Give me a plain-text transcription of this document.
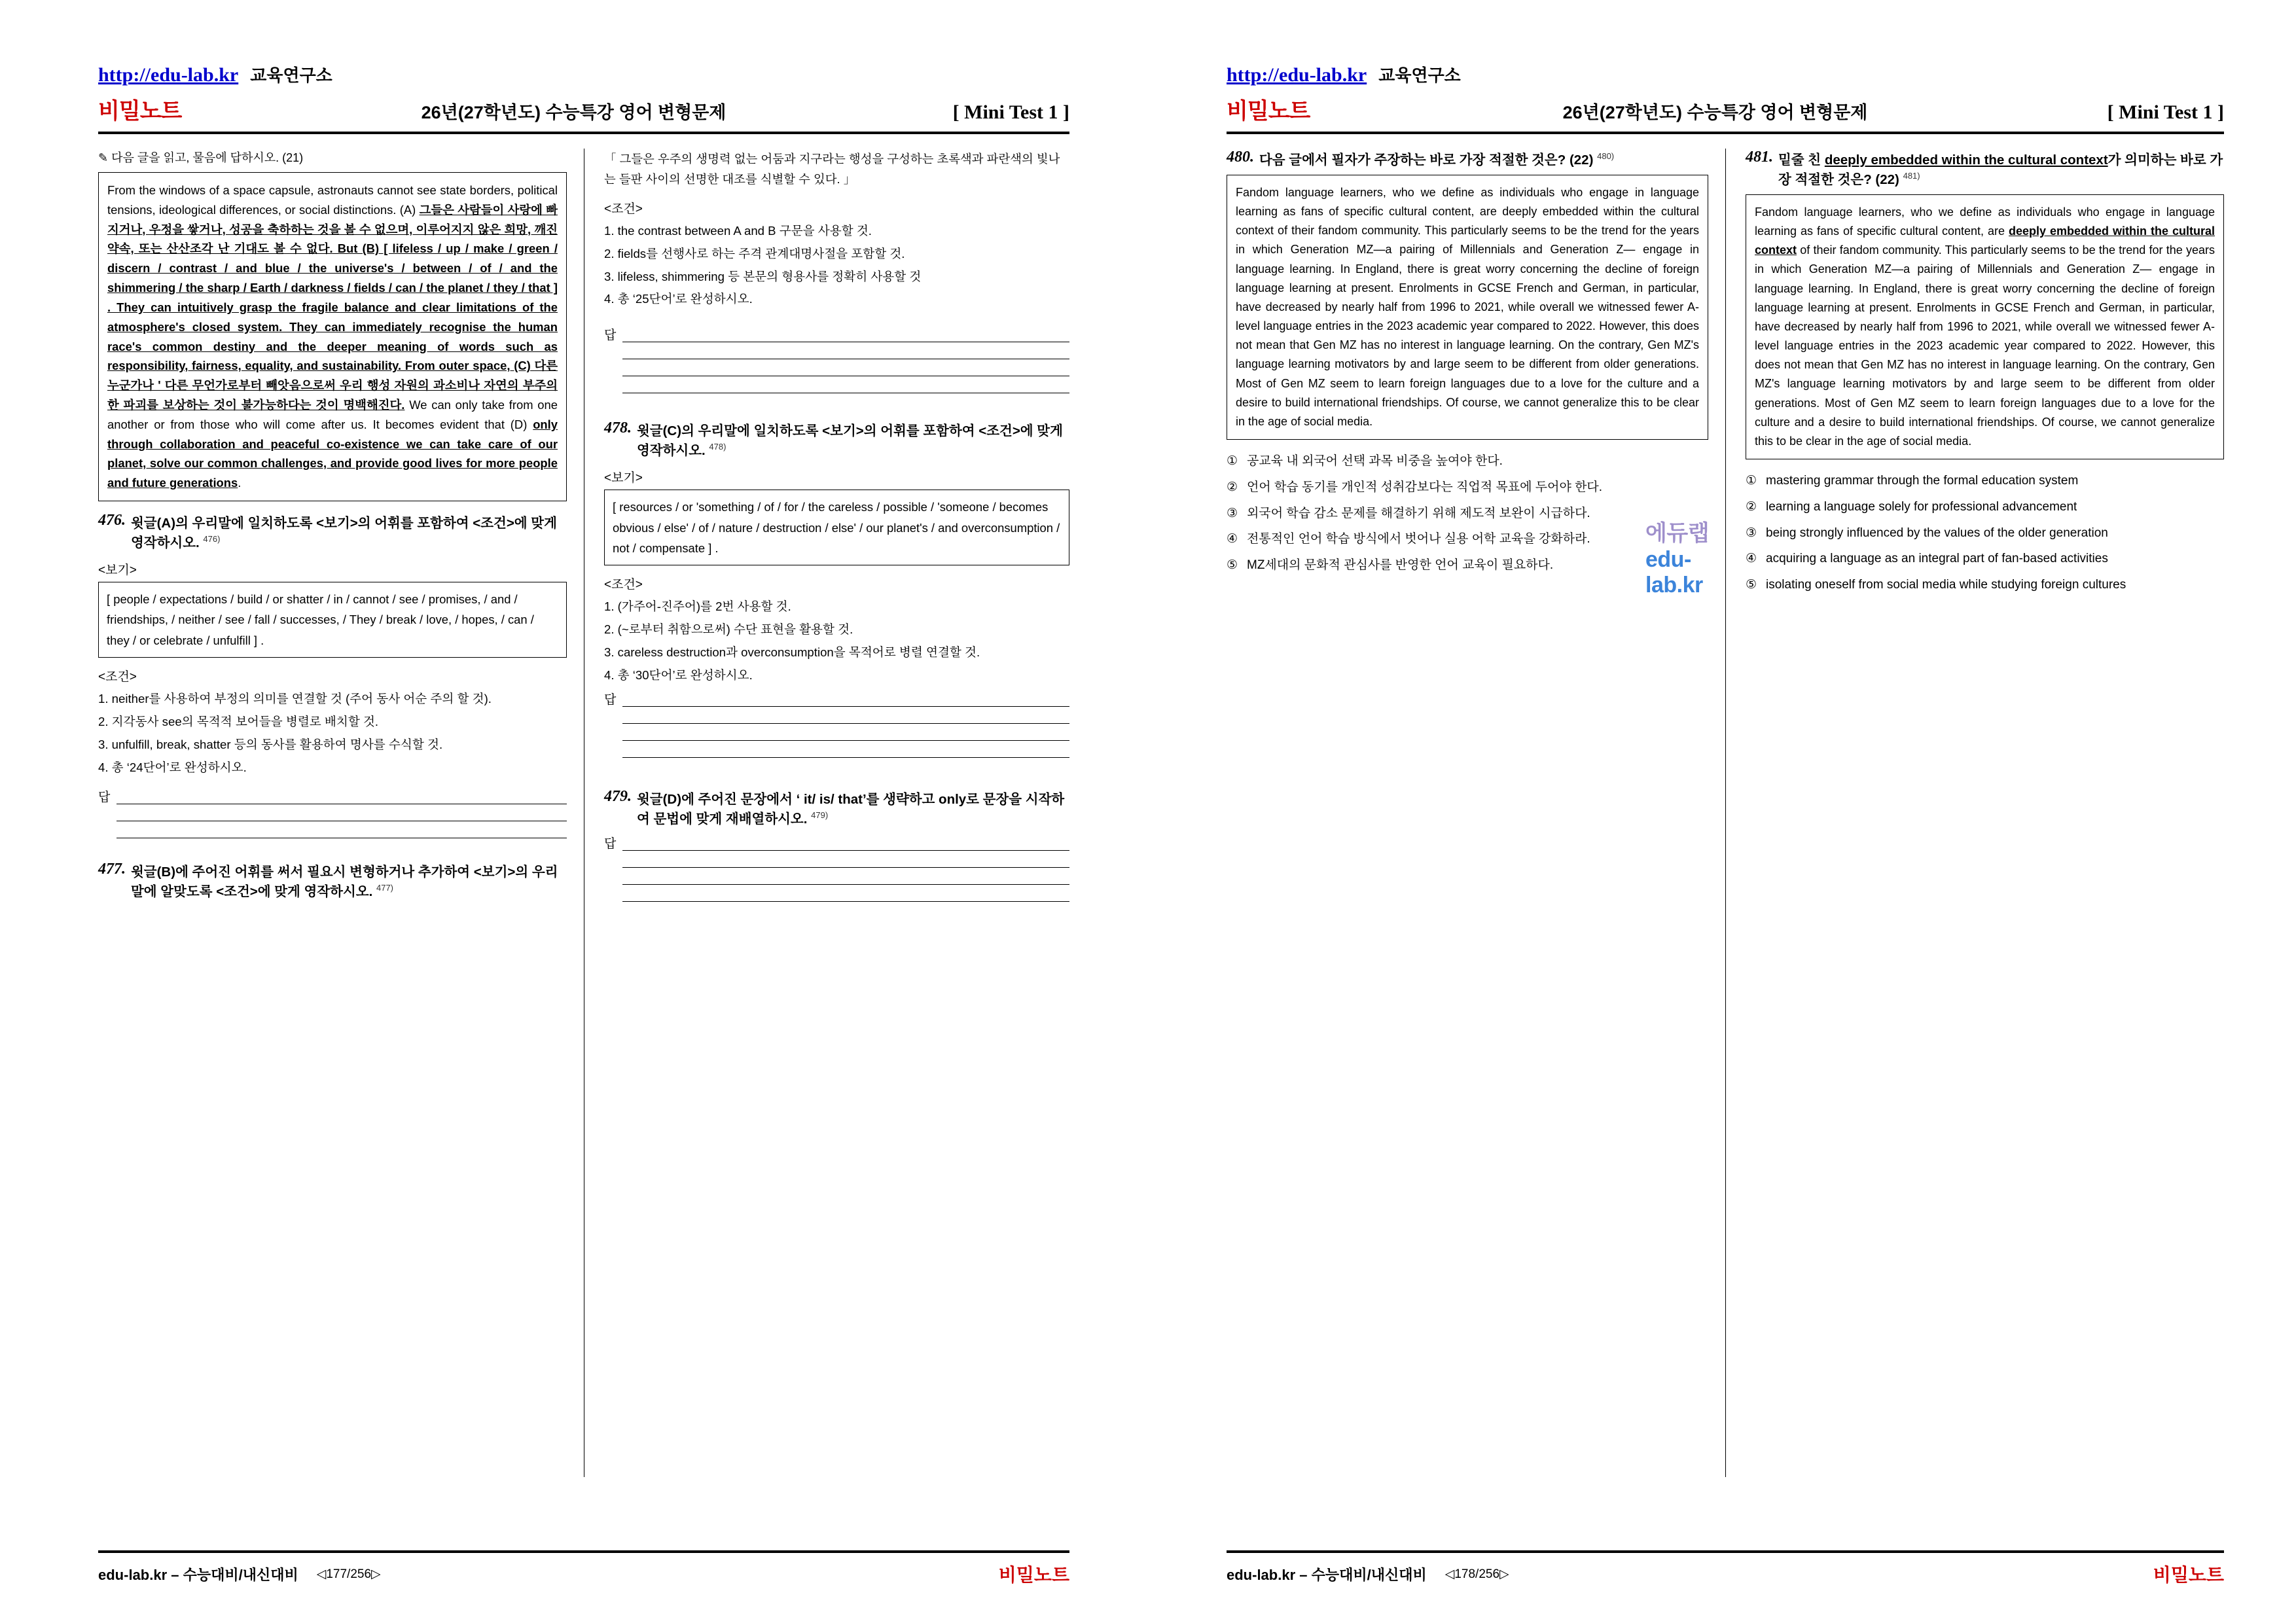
http://edu-lab.kr 교육연구소
비밀노트	26년(27학년도) 수능특강 영어 변형문제	[ Mini Test 1 ]
✎ 다음 글을 읽고, 물음에 답하시오. (21)
From the windows of a space capsule, astronauts cannot see state borders, political tensions, ideological differences, or social distinctions. (A) 그들은 사람들이 사랑에 빠지거나, 우정을 쌓거나, 성공을 축하하는 것을 볼 수 없으며, 이루어지지 않은 희망, 깨진 약속, 또는 산산조각 난 기대도 볼 수 없다. But (B) [ lifeless / up / make / green / discern / contrast / and blue / the universe's / between / of / and the shimmering / the sharp / Earth / darkness / fields / can / the planet / they / that ] . They can intuitively grasp the fragile balance and clear limitations of the atmosphere's closed system. They can immediately recognise the human race's common destiny and the deeper meaning of words such as responsibility, fairness, equality, and sustainability. From outer space, (C) 다른 누군가나 ' 다른 무언가로부터 빼앗음으로써 우리 행성 자원의 과소비나 자연의 부주의한 파괴를 보상하는 것이 불가능하다는 것이 명백해진다. We can only take from one another or from those who will come after us. It becomes evident that (D) only through collaboration and peaceful co-existence we can take care of our planet, solve our common challenges, and provide good lives for more people and future generations.
476. 윗글(A)의 우리말에 일치하도록 <보기>의 어휘를 포함하여 <조건>에 맞게 영작하시오. $^{476)}$
<보기>
[ people / expectations / build / or shatter / in / cannot / see / promises, / and / friendships, / neither / see / fall / successes, / They / break / love, / hopes, / can / they / or celebrate / unfulfill ] .
<조건>
1. neither를 사용하여 부정의 의미를 연결할 것 (주어 동사 어순 주의 할 것).
2. 지각동사 see의 목적적 보어들을 병렬로 배치할 것.
3. unfulfill, break, shatter 등의 동사를 활용하여 명사를 수식할 것.
4. 총 ‘24단어’로 완성하시오.
답
477. 윗글(B)에 주어진 어휘를 써서 필요시 변형하거나 추가하여 <보기>의 우리말에 알맞도록 <조건>에 맞게 영작하시오. $^{477)}$
「 그들은 우주의 생명력 없는 어둠과 지구라는 행성을 구성하는 초록색과 파란색의 빛나는 들판 사이의 선명한 대조를 식별할 수 있다. 」
<조건>
1. the contrast between A and B 구문을 사용할 것.
2. fields를 선행사로 하는 주격 관계대명사절을 포함할 것.
3. lifeless, shimmering 등 본문의 형용사를 정확히 사용할 것
4. 총 ‘25단어’로 완성하시오.
답
478. 윗글(C)의 우리말에 일치하도록 <보기>의 어휘를 포함하여 <조건>에 맞게 영작하시오. $^{478)}$
<보기>
[ resources / or 'something / of / for / the careless / possible / 'someone / becomes obvious / else' / of / nature / destruction / else' / our planet's / and overconsumption / not / compensate ] .
<조건>
1. (가주어-진주어)를 2번 사용할 것.
2. (~로부터 취함으로써) 수단 표현을 활용할 것.
3. careless destruction과 overconsumption을 목적어로 병렬 연결할 것.
4. 총 ‘30단어’로 완성하시오.
답
479. 윗글(D)에 주어진 문장에서 ‘ it/ is/ that’를 생략하고 only로 문장을 시작하여 문법에 맞게 재배열하시오. $^{479)}$
답
edu-lab.kr – 수능대비/내신대비 ◁177/256▷	비밀노트
http://edu-lab.kr 교육연구소
비밀노트	26년(27학년도) 수능특강 영어 변형문제	[ Mini Test 1 ]
480. 다음 글에서 필자가 주장하는 바로 가장 적절한 것은? (22) $^{480)}$
Fandom language learners, who we define as individuals who engage in language learning as fans of specific cultural content, are deeply embedded within the cultural context of their fandom community. This particularly seems to be the trend for the years in which Generation MZ—a pairing of Millennials and Generation Z— engage in language learning. In England, there is great worry concerning the decline of foreign language learning at present. Enrolments in GCSE French and German, in particular, have decreased by nearly half from 1996 to 2021, while overall we witnessed fewer A-level language entries in the 2023 academic year compared to 2022. However, this does not mean that Gen MZ has no interest in language learning. On the contrary, Gen MZ's language learning motivators by and large seem to be different from older generations. Most of Gen MZ seem to learn foreign languages due to a love for the culture and a desire to build international friendships. Of course, we cannot generalize this to be clear in the age of social media.
① 공교육 내 외국어 선택 과목 비중을 높여야 한다.
② 언어 학습 동기를 개인적 성취감보다는 직업적 목표에 두어야 한다.
③ 외국어 학습 감소 문제를 해결하기 위해 제도적 보완이 시급하다.
④ 전통적인 언어 학습 방식에서 벗어나 실용 어학 교육을 강화하라.
⑤ MZ세대의 문화적 관심사를 반영한 언어 교육이 필요하다.
에듀랩edu-lab.kr
481. 밑줄 친 deeply embedded within the cultural context가 의미하는 바로 가장 적절한 것은? (22) $^{481)}$
Fandom language learners, who we define as individuals who engage in language learning as fans of specific cultural content, are deeply embedded within the cultural context of their fandom community. This particularly seems to be the trend for the years in which Generation MZ—a pairing of Millennials and Generation Z— engage in language learning. In England, there is great worry concerning the decline of foreign language learning at present. Enrolments in GCSE French and German, in particular, have decreased by nearly half from 1996 to 2021, while overall we witnessed fewer A-level language entries in the 2023 academic year compared to 2022. However, this does not mean that Gen MZ has no interest in language learning. On the contrary, Gen MZ's language learning motivators by and large seem to be different from older generations. Most of Gen MZ seem to learn foreign languages due to a love for the culture and a desire to build international friendships. Of course, we cannot generalize this to be clear in the age of social media.
① mastering grammar through the formal education system
② learning a language solely for professional advancement
③ being strongly influenced by the values of the older generation
④ acquiring a language as an integral part of fan-based activities
⑤ isolating oneself from social media while studying foreign cultures
edu-lab.kr – 수능대비/내신대비 ◁178/256▷	비밀노트
